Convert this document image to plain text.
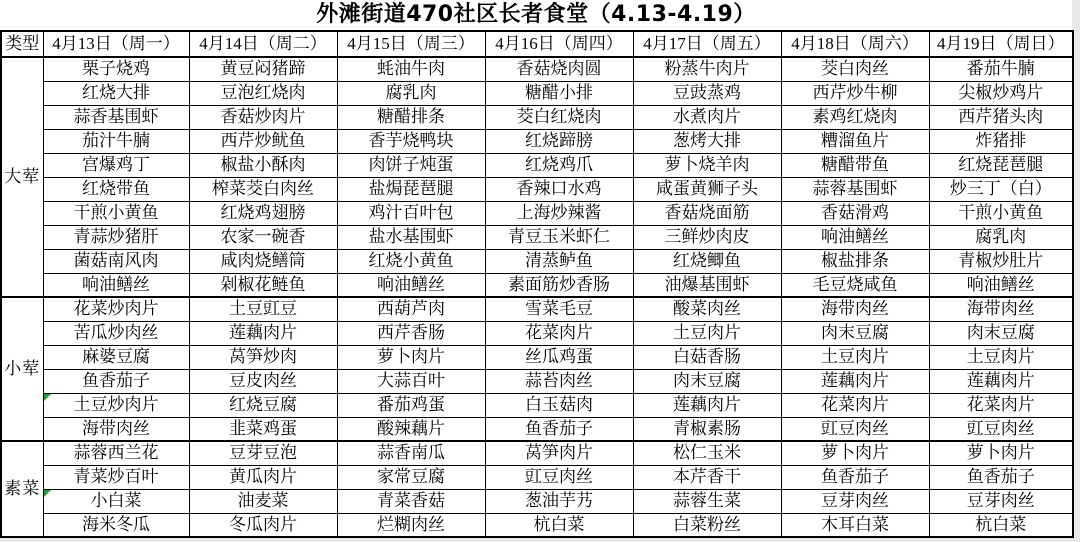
外滩街道470社区长者食堂（4.13-4.19）
类型	4月13日（周一）	4月14日（周二）	4月15日（周三）	4月16日（周四）	4月17日（周五）	4月18日（周六）	4月19日（周日）
大荤	栗子烧鸡	黄豆闷猪蹄	蚝油牛肉	香菇烧肉圆	粉蒸牛肉片	茭白肉丝	番茄牛腩
	红烧大排	豆泡红烧肉	腐乳肉	糖醋小排	豆豉蒸鸡	西芹炒牛柳	尖椒炒鸡片
	蒜香基围虾	香菇炒肉片	糖醋排条	茭白红烧肉	水煮肉片	素鸡红烧肉	西芹猪头肉
	茄汁牛腩	西芹炒鱿鱼	香芋烧鸭块	红烧蹄膀	葱烤大排	糟溜鱼片	炸猪排
	宫爆鸡丁	椒盐小酥肉	肉饼子炖蛋	红烧鸡爪	萝卜烧羊肉	糖醋带鱼	红烧琵琶腿
	红烧带鱼	榨菜茭白肉丝	盐焗琵琶腿	香辣口水鸡	咸蛋黄狮子头	蒜蓉基围虾	炒三丁（白）
	干煎小黄鱼	红烧鸡翅膀	鸡汁百叶包	上海炒辣酱	香菇烧面筋	香菇滑鸡	干煎小黄鱼
	青蒜炒猪肝	农家一碗香	盐水基围虾	青豆玉米虾仁	三鲜炒肉皮	响油鳝丝	腐乳肉
	菌菇南风肉	咸肉烧鳝筒	红烧小黄鱼	清蒸鲈鱼	红烧鲫鱼	椒盐排条	青椒炒肚片
	响油鳝丝	剁椒花鲢鱼	响油鳝丝	素面筋炒香肠	油爆基围虾	毛豆烧咸鱼	响油鳝丝
小荤	花菜炒肉片	土豆豇豆	西葫芦肉	雪菜毛豆	酸菜肉丝	海带肉丝	海带肉丝
	苦瓜炒肉丝	莲藕肉片	西芹香肠	花菜肉片	土豆肉片	肉末豆腐	肉末豆腐
	麻婆豆腐	莴笋炒肉	萝卜肉片	丝瓜鸡蛋	白菇香肠	土豆肉片	土豆肉片
	鱼香茄子	豆皮肉丝	大蒜百叶	蒜苔肉丝	肉末豆腐	莲藕肉片	莲藕肉片
	土豆炒肉片	红烧豆腐	番茄鸡蛋	白玉菇肉	莲藕肉片	花菜肉片	花菜肉片
	海带肉丝	韭菜鸡蛋	酸辣藕片	鱼香茄子	青椒素肠	豇豆肉丝	豇豆肉丝
素菜	蒜蓉西兰花	豆芽豆泡	蒜香南瓜	莴笋肉片	松仁玉米	萝卜肉片	萝卜肉片
	青菜炒百叶	黄瓜肉片	家常豆腐	豇豆肉丝	本芹香干	鱼香茄子	鱼香茄子
	小白菜	油麦菜	青菜香菇	葱油芋艿	蒜蓉生菜	豆芽肉丝	豆芽肉丝
	海米冬瓜	冬瓜肉片	烂糊肉丝	杭白菜	白菜粉丝	木耳白菜	杭白菜
